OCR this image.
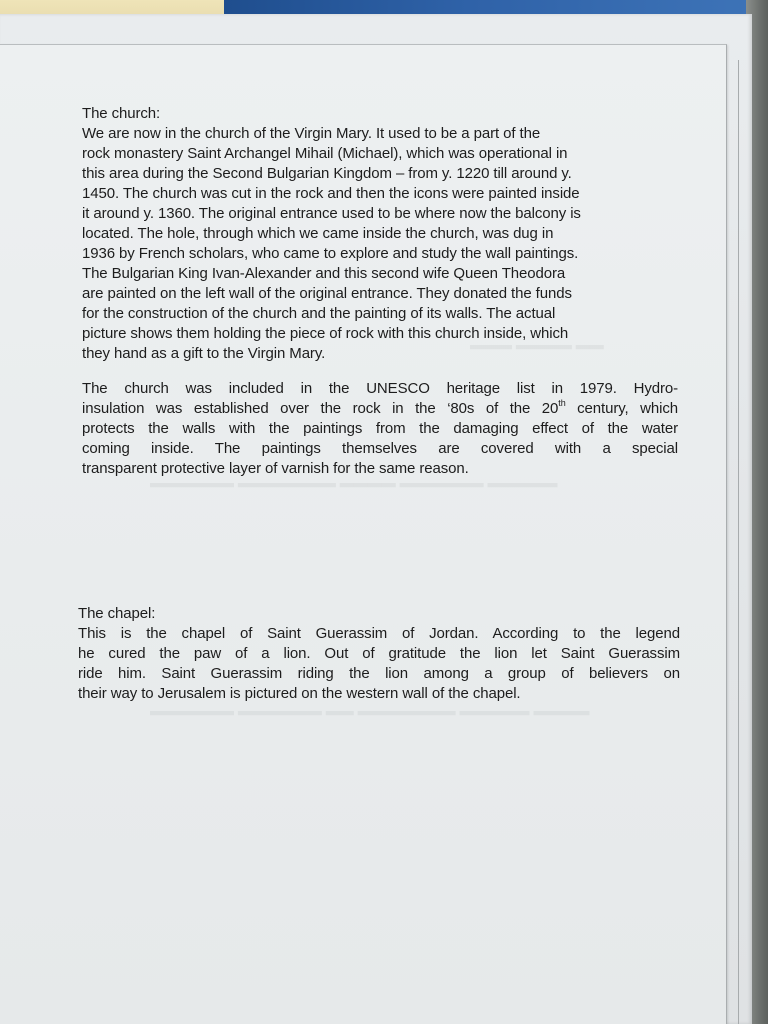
▬▬▬ ▬▬▬▬ ▬▬
▬▬▬▬▬▬ ▬▬▬▬▬▬▬ ▬▬▬▬ ▬▬▬▬▬▬ ▬▬▬▬▬
▬▬▬▬▬▬ ▬▬▬▬▬▬ ▬▬ ▬▬▬▬▬▬▬ ▬▬▬▬▬ ▬▬▬▬
The church:
We are now in the church of the Virgin Mary. It used to be a part of the
rock monastery Saint Archangel Mihail (Michael), which was operational in
this area during the Second Bulgarian Kingdom – from y. 1220 till around y.
1450. The church was cut in the rock and then the icons were painted inside
it around y. 1360. The original entrance used to be where now the balcony is
located. The hole, through which we came inside the church, was dug in
1936 by French scholars, who came to explore and study the wall paintings.
The Bulgarian King Ivan-Alexander and this second wife Queen Theodora
are painted on the left wall of the original entrance. They donated the funds
for the construction of the church and the painting of its walls. The actual
picture shows them holding the piece of rock with this church inside, which
they hand as a gift to the Virgin Mary.
The church was included in the UNESCO heritage list in 1979. Hydro-
insulation was established over the rock in the ‘80s of the 20th century, which
protects the walls with the paintings from the damaging effect of the water
coming inside. The paintings themselves are covered with a special
transparent protective layer of varnish for the same reason.
The chapel:
This is the chapel of Saint Guerassim of Jordan. According to the legend
he cured the paw of a lion. Out of gratitude the lion let Saint Guerassim
ride him. Saint Guerassim riding the lion among a group of believers on
their way to Jerusalem is pictured on the western wall of the chapel.
